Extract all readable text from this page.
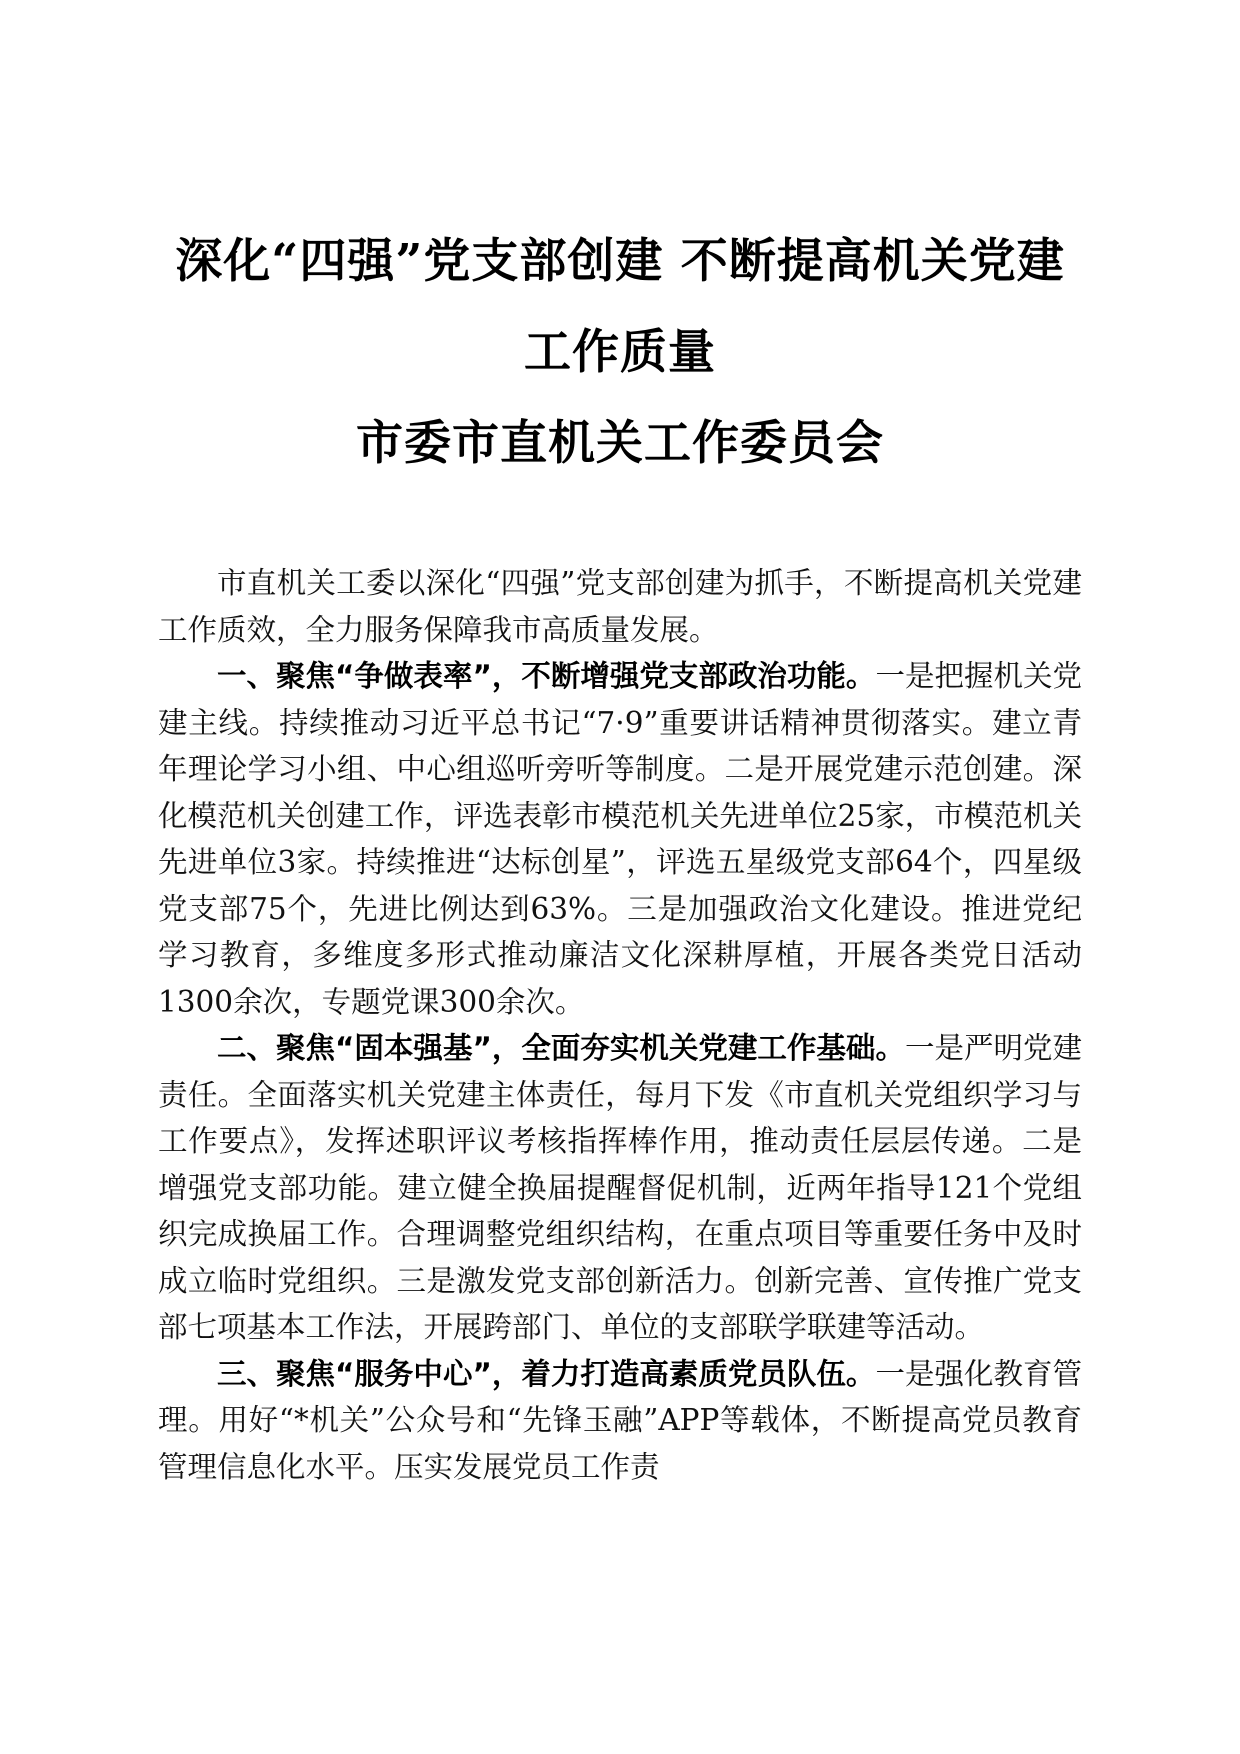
深化“四强”党支部创建 不断提高机关党建
工作质量
市委市直机关工作委员会

市直机关工委以深化“四强”党支部创建为抓手，不断提高机关党建工作质效，全力服务保障我市高质量发展。

一、聚焦“争做表率”，不断增强党支部政治功能。一是把握机关党建主线。持续推动习近平总书记“7·9”重要讲话精神贯彻落实。建立青年理论学习小组、中心组巡听旁听等制度。二是开展党建示范创建。深化模范机关创建工作，评选表彰市模范机关先进单位25家，市模范机关先进单位3家。持续推进“达标创星”，评选五星级党支部64个，四星级党支部75个，先进比例达到63%。三是加强政治文化建设。推进党纪学习教育，多维度多形式推动廉洁文化深耕厚植，开展各类党日活动1300余次，专题党课300余次。

二、聚焦“固本强基”，全面夯实机关党建工作基础。一是严明党建责任。全面落实机关党建主体责任，每月下发《市直机关党组织学习与工作要点》，发挥述职评议考核指挥棒作用，推动责任层层传递。二是增强党支部功能。建立健全换届提醒督促机制，近两年指导121个党组织完成换届工作。合理调整党组织结构，在重点项目等重要任务中及时成立临时党组织。三是激发党支部创新活力。创新完善、宣传推广党支部七项基本工作法，开展跨部门、单位的支部联学联建等活动。

三、聚焦“服务中心”，着力打造高素质党员队伍。一是强化教育管理。用好“*机关”公众号和“先锋玉融”APP等载体，不断提高党员教育管理信息化水平。压实发展党员工作责
